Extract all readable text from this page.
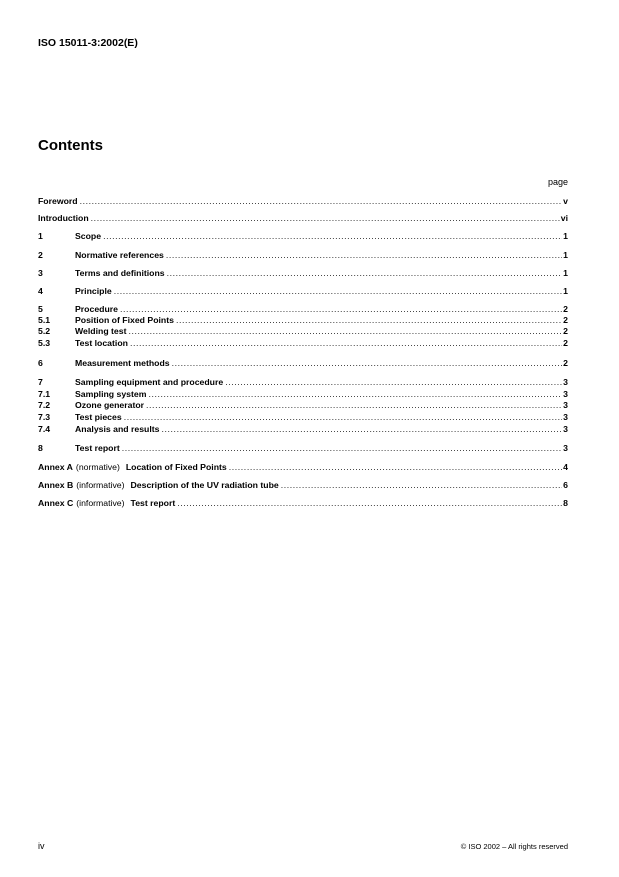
ISO 15011-3:2002(E)
Contents
page
Foreword .....	v
Introduction .....	vi
1	Scope .....	1
2	Normative references .....	1
3	Terms and definitions .....	1
4	Principle .....	1
5	Procedure .....	2
5.1	Position of Fixed Points .....	2
5.2	Welding test .....	2
5.3	Test location .....	2
6	Measurement methods .....	2
7	Sampling equipment and procedure .....	3
7.1	Sampling system .....	3
7.2	Ozone generator .....	3
7.3	Test pieces .....	3
7.4	Analysis and results .....	3
8	Test report .....	3
Annex A (normative) Location of Fixed Points .....	4
Annex B (informative) Description of the UV radiation tube .....	6
Annex C (informative) Test report .....	8
iv	© ISO 2002 – All rights reserved
